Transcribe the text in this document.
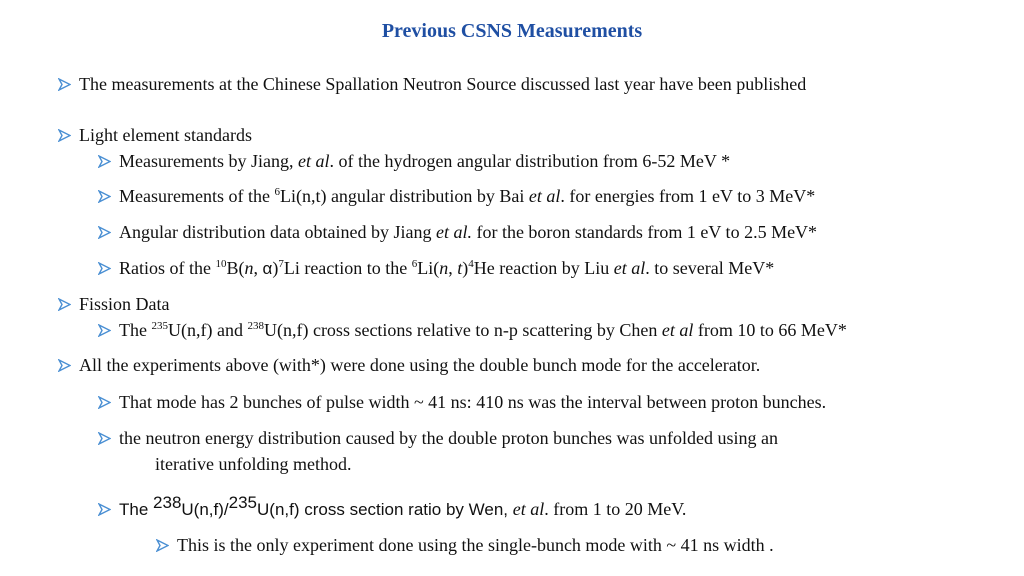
Previous CSNS Measurements
The measurements at the Chinese Spallation Neutron Source discussed last year have been published
Light element standards
Measurements by Jiang, et al. of the hydrogen angular distribution from 6-52 MeV *
Measurements of the $^6$Li(n,t) angular distribution by Bai et al. for energies from 1 eV to 3 MeV*
Angular distribution data obtained by Jiang et al. for the boron standards from 1 eV to 2.5 MeV*
Ratios of the $^{10}$B(n, α)$^7$Li reaction to the $^6$Li(n, t)$^4$He reaction by Liu et al. to several MeV*
Fission Data
The $^{235}$U(n,f) and $^{238}$U(n,f) cross sections relative to n-p scattering by Chen et al from 10 to 66 MeV*
All the experiments above (with*) were done using the double bunch mode for the accelerator.
That mode has 2 bunches of pulse width ~ 41 ns: 410 ns was the interval between proton bunches.
the neutron energy distribution caused by the double proton bunches was unfolded using an
iterative unfolding method.
The $^{238}$U(n,f)/$^{235}$U(n,f) cross section ratio by Wen, et al. from 1 to 20 MeV.
This is the only experiment done using the single-bunch mode with ~ 41 ns width .
